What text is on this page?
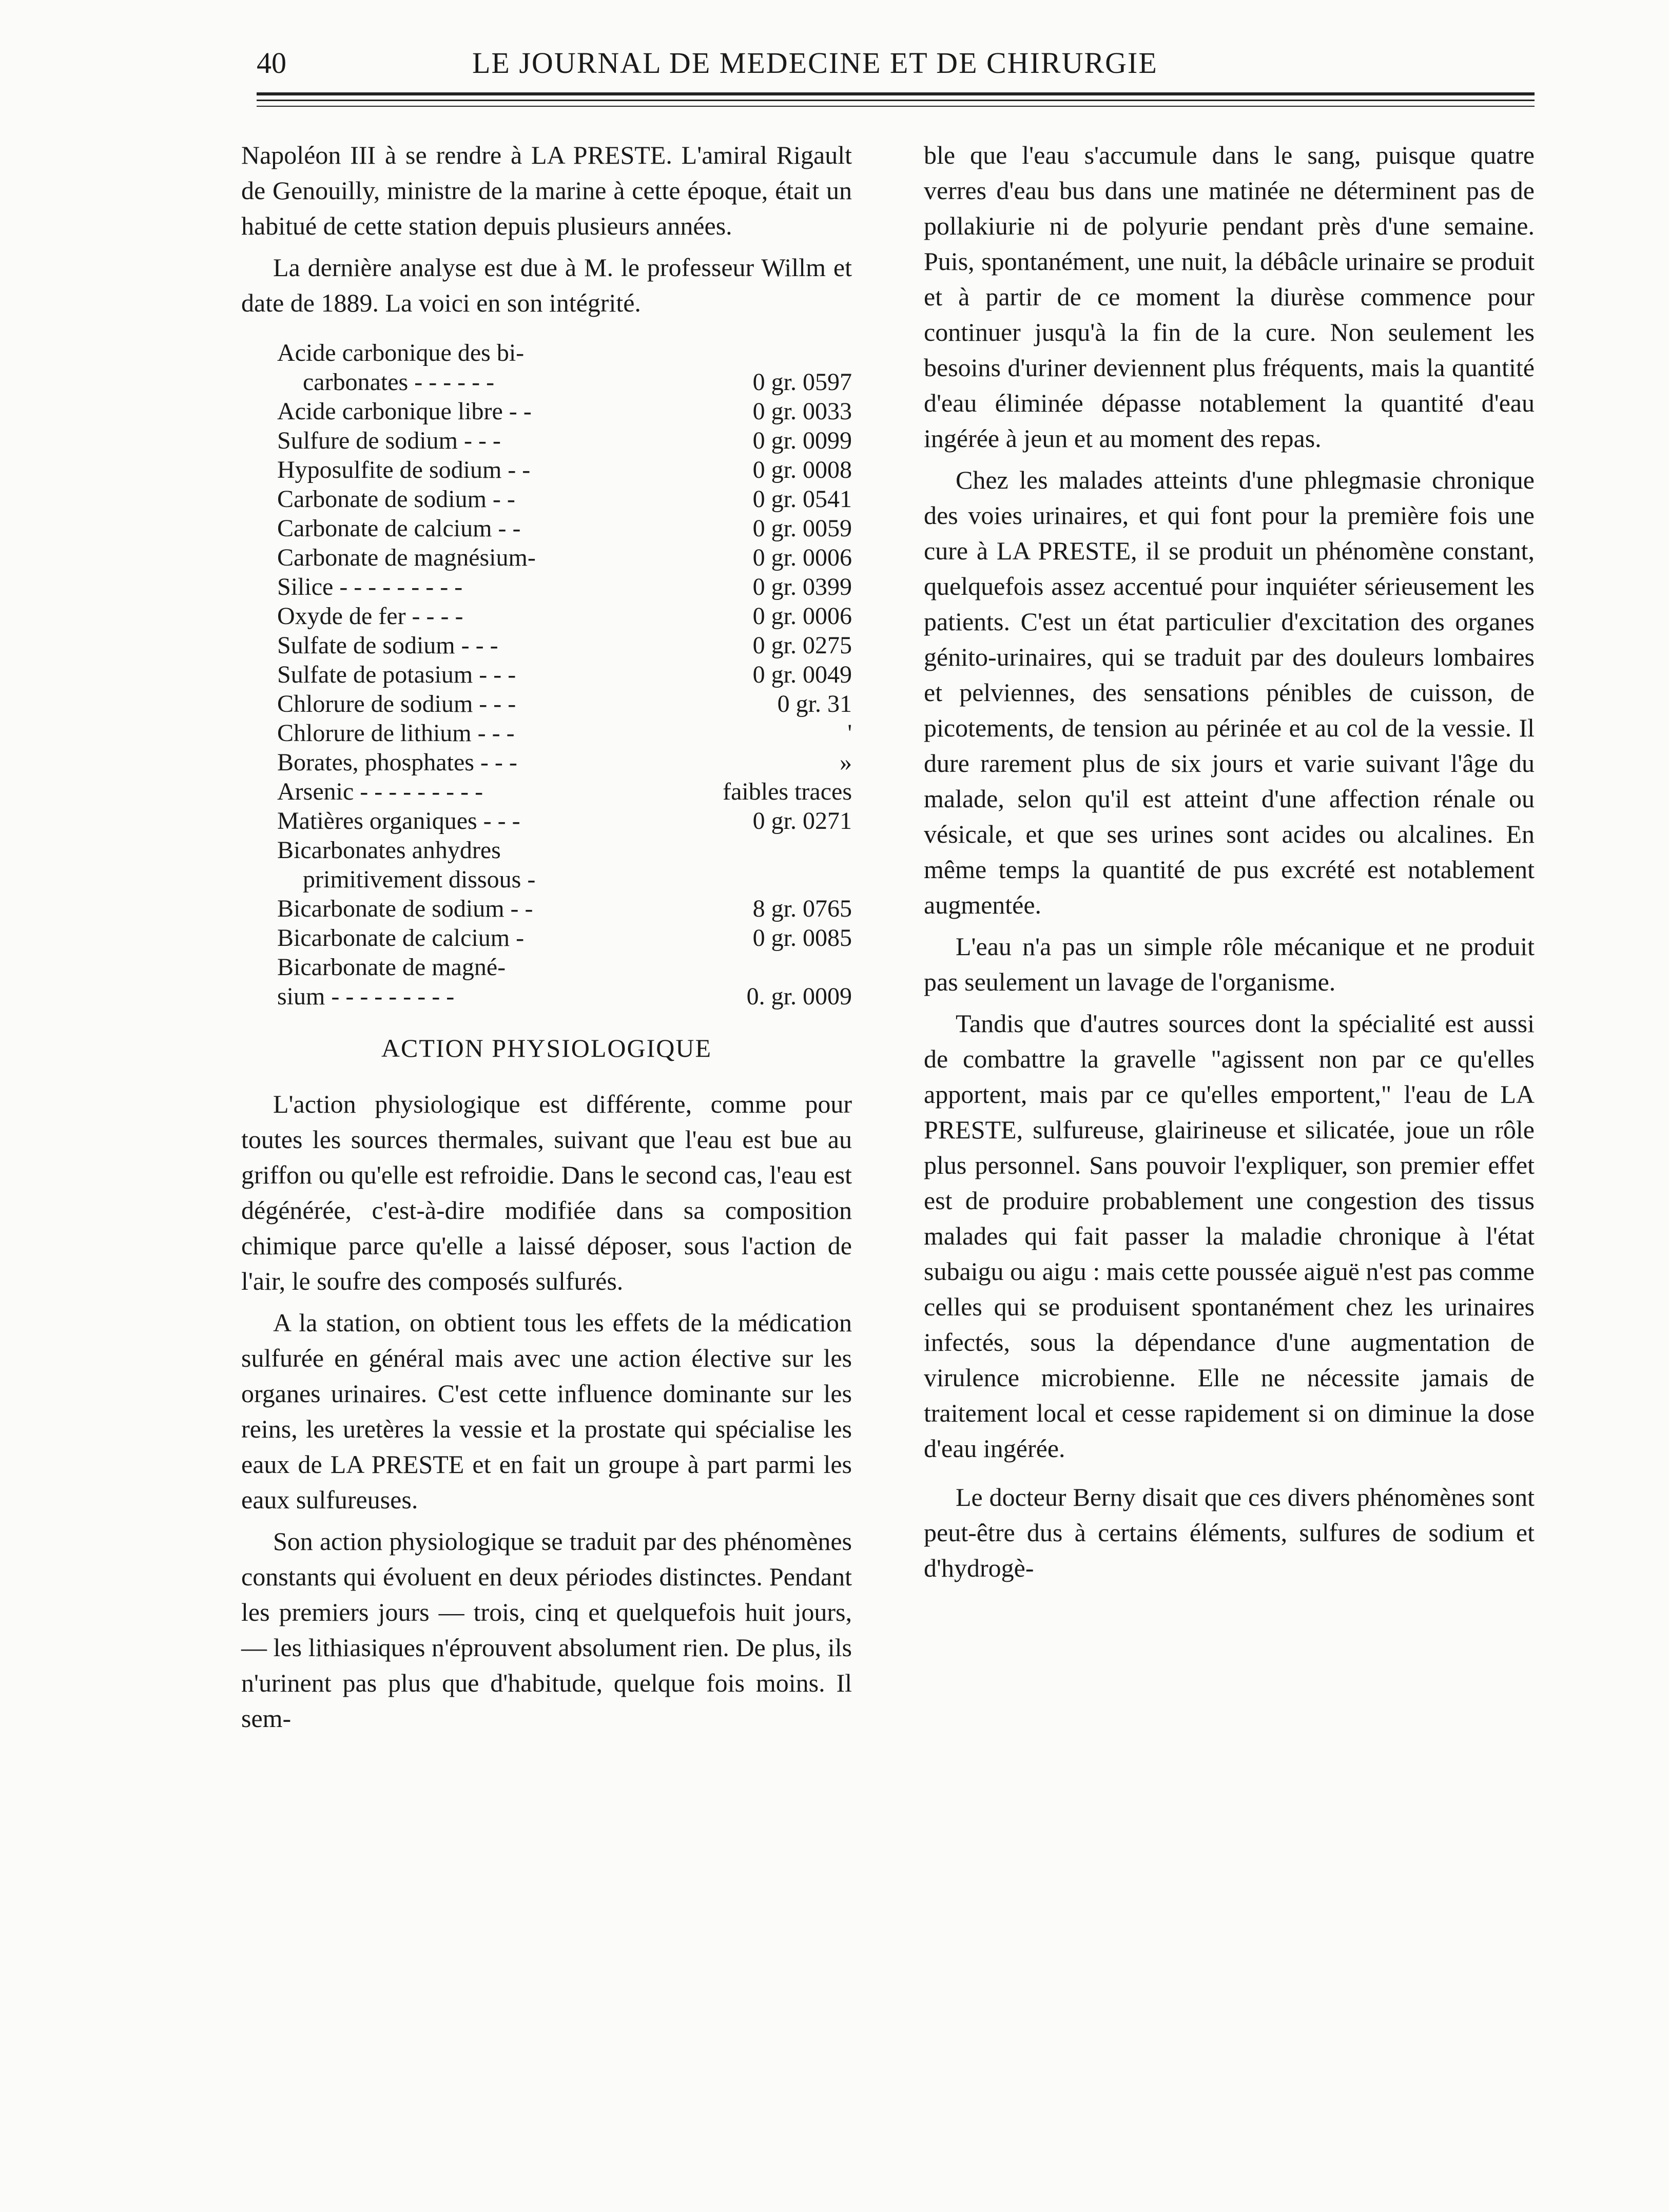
40	LE JOURNAL DE MEDECINE ET DE CHIRURGIE

Napoléon III à se rendre à LA PRESTE. L'amiral Rigault de Genouilly, ministre de la marine à cette époque, était un habitué de cette station depuis plusieurs années.

La dernière analyse est due à M. le professeur Willm et date de 1889. La voici en son intégrité.

Acide carbonique des bi-
carbonates - - - - - -	0 gr. 0597
Acide carbonique libre - -	0 gr. 0033
Sulfure de sodium - - -	0 gr. 0099
Hyposulfite de sodium - -	0 gr. 0008
Carbonate de sodium - -	0 gr. 0541
Carbonate de calcium - -	0 gr. 0059
Carbonate de magnésium-	0 gr. 0006
Silice - - - - - - - - -	0 gr. 0399
Oxyde de fer - - - -	0 gr. 0006
Sulfate de sodium - - -	0 gr. 0275
Sulfate de potasium - - -	0 gr. 0049
Chlorure de sodium - - -	0 gr. 31
Chlorure de lithium - - -	'
Borates, phosphates - - -	»
Arsenic - - - - - - - - -	faibles traces
Matières organiques - - -	0 gr. 0271
Bicarbonates anhydres
primitivement dissous -
Bicarbonate de sodium - -	8 gr. 0765
Bicarbonate de calcium -	0 gr. 0085
Bicarbonate de magné-
sium - - - - - - - - -	0. gr. 0009
ACTION PHYSIOLOGIQUE

L'action physiologique est différente, comme pour toutes les sources thermales, suivant que l'eau est bue au griffon ou qu'elle est refroidie. Dans le second cas, l'eau est dégénérée, c'est-à-dire modifiée dans sa composition chimique parce qu'elle a laissé déposer, sous l'action de l'air, le soufre des composés sulfurés.

A la station, on obtient tous les effets de la médication sulfurée en général mais avec une action élective sur les organes urinaires. C'est cette influence dominante sur les reins, les uretères la vessie et la prostate qui spécialise les eaux de LA PRESTE et en fait un groupe à part parmi les eaux sulfureuses.

Son action physiologique se traduit par des phénomènes constants qui évoluent en deux périodes distinctes. Pendant les premiers jours — trois, cinq et quelquefois huit jours, — les lithiasiques n'éprouvent absolument rien. De plus, ils n'urinent pas plus que d'habitude, quelque fois moins. Il sem-

ble que l'eau s'accumule dans le sang, puisque quatre verres d'eau bus dans une matinée ne déterminent pas de pollakiurie ni de polyurie pendant près d'une semaine. Puis, spontanément, une nuit, la débâcle urinaire se produit et à partir de ce moment la diurèse commence pour continuer jusqu'à la fin de la cure. Non seulement les besoins d'uriner deviennent plus fréquents, mais la quantité d'eau éliminée dépasse notablement la quantité d'eau ingérée à jeun et au moment des repas.

Chez les malades atteints d'une phlegmasie chronique des voies urinaires, et qui font pour la première fois une cure à LA PRESTE, il se produit un phénomène constant, quelquefois assez accentué pour inquiéter sérieusement les patients. C'est un état particulier d'excitation des organes génito-urinaires, qui se traduit par des douleurs lombaires et pelviennes, des sensations pénibles de cuisson, de picotements, de tension au périnée et au col de la vessie. Il dure rarement plus de six jours et varie suivant l'âge du malade, selon qu'il est atteint d'une affection rénale ou vésicale, et que ses urines sont acides ou alcalines. En même temps la quantité de pus excrété est notablement augmentée.

L'eau n'a pas un simple rôle mécanique et ne produit pas seulement un lavage de l'organisme.

Tandis que d'autres sources dont la spécialité est aussi de combattre la gravelle "agissent non par ce qu'elles apportent, mais par ce qu'elles emportent," l'eau de LA PRESTE, sulfureuse, glairineuse et silicatée, joue un rôle plus personnel. Sans pouvoir l'expliquer, son premier effet est de produire probablement une congestion des tissus malades qui fait passer la maladie chronique à l'état subaigu ou aigu : mais cette poussée aiguë n'est pas comme celles qui se produisent spontanément chez les urinaires infectés, sous la dépendance d'une augmentation de virulence microbienne. Elle ne nécessite jamais de traitement local et cesse rapidement si on diminue la dose d'eau ingérée.

Le docteur Berny disait que ces divers phénomènes sont peut-être dus à certains éléments, sulfures de sodium et d'hydrogè-
